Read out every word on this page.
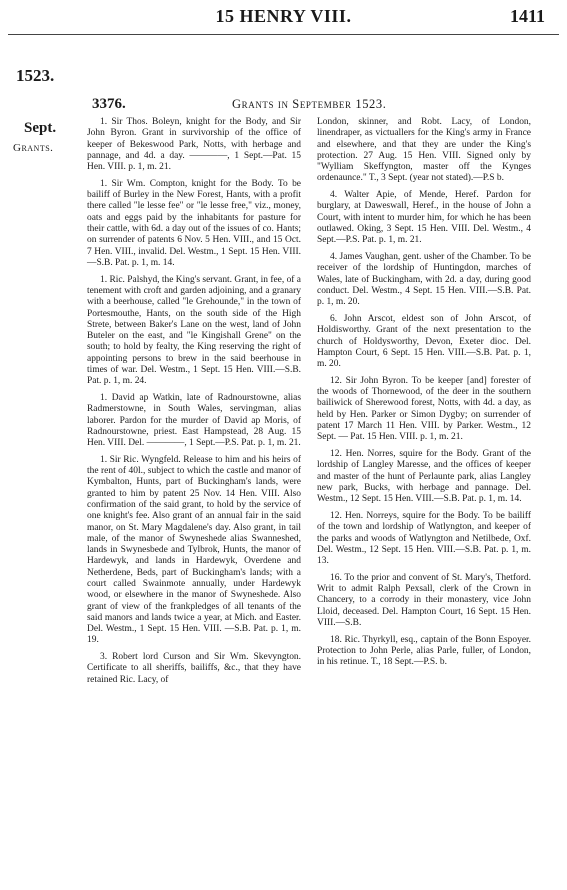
15 HENRY VIII.	1411
1523.
3376.	Grants in September 1523.
Sept.
Grants.

1. Sir Thos. Boleyn, knight for the Body, and Sir John Byron. Grant in survivorship of the office of keeper of Bekeswood Park, Notts, with herbage and pannage, and 4d. a day. ————, 1 Sept.—Pat. 15 Hen. VIII. p. 1, m. 21.

1. Sir Wm. Compton, knight for the Body. To be bailiff of Burley in the New Forest, Hants, with a profit there called "le lesse fee" or "le lesse free," viz., money, oats and eggs paid by the inhabitants for pasture for their cattle, with 6d. a day out of the issues of co. Hants; on surrender of patents 6 Nov. 5 Hen. VIII., and 15 Oct. 7 Hen. VIII., invalid. Del. Westm., 1 Sept. 15 Hen. VIII. —S.B. Pat. p. 1, m. 14.

1. Ric. Palshyd, the King's servant. Grant, in fee, of a tenement with croft and garden adjoining, and a granary with a beerhouse, called "le Grehounde," in the town of Portesmouthe, Hants, on the south side of the High Strete, between Baker's Lane on the west, land of John Buteler on the east, and "le Kingishall Grene" on the south; to hold by fealty, the King reserving the right of appointing persons to brew in the said beerhouse in times of war. Del. Westm., 1 Sept. 15 Hen. VIII.—S.B. Pat. p. 1, m. 24.

1. David ap Watkin, late of Radnourstowne, alias Radmerstowne, in South Wales, servingman, alias laborer. Pardon for the murder of David ap Moris, of Radnourstowne, priest. East Hampstead, 28 Aug. 15 Hen. VIII. Del. ————, 1 Sept.—P.S. Pat. p. 1, m. 21.

1. Sir Ric. Wyngfeld. Release to him and his heirs of the rent of 40l., subject to which the castle and manor of Kymbalton, Hunts, part of Buckingham's lands, were granted to him by patent 25 Nov. 14 Hen. VIII. Also confirmation of the said grant, to hold by the service of one knight's fee. Also grant of an annual fair in the said manor, on St. Mary Magdalene's day. Also grant, in tail male, of the manor of Swyneshede alias Swanneshed, lands in Swynesbede and Tylbrok, Hunts, the manor of Hardewyk, and lands in Hardewyk, Overdene and Netherdene, Beds, part of Buckingham's lands; with a court called Swainmote annually, under Hardewyk wood, or elsewhere in the manor of Swyneshede. Also grant of view of the frankpledges of all tenants of the said manors and lands twice a year, at Mich. and Easter. Del. Westm., 1 Sept. 15 Hen. VIII. —S.B. Pat. p. 1, m. 19.

3. Robert lord Curson and Sir Wm. Skevyngton. Certificate to all sheriffs, bailiffs, &c., that they have retained Ric. Lacy, of

London, skinner, and Robt. Lacy, of London, linendraper, as victuallers for the King's army in France and elsewhere, and that they are under the King's protection. 27 Aug. 15 Hen. VIII. Signed only by "Wylliam Skeffyngton, master off the Kynges ordenaunce." T., 3 Sept. (year not stated).—P.S b.

4. Walter Apie, of Mende, Heref. Pardon for burglary, at Daweswall, Heref., in the house of John a Court, with intent to murder him, for which he has been outlawed. Oking, 3 Sept. 15 Hen. VIII. Del. Westm., 4 Sept.—P.S. Pat. p. 1, m. 21.

4. James Vaughan, gent. usher of the Chamber. To be receiver of the lordship of Huntingdon, marches of Wales, late of Buckingham, with 2d. a day, during good conduct. Del. Westm., 4 Sept. 15 Hen. VIII.—S.B. Pat. p. 1, m. 20.

6. John Arscot, eldest son of John Arscot, of Holdisworthy. Grant of the next presentation to the church of Holdysworthy, Devon, Exeter dioc. Del. Hampton Court, 6 Sept. 15 Hen. VIII.—S.B. Pat. p. 1, m. 20.

12. Sir John Byron. To be keeper [and] forester of the woods of Thornewood, of the deer in the southern bailiwick of Sherewood forest, Notts, with 4d. a day, as held by Hen. Parker or Simon Dygby; on surrender of patent 17 March 11 Hen. VIII. by Parker. Westm., 12 Sept. — Pat. 15 Hen. VIII. p. 1, m. 21.

12. Hen. Norres, squire for the Body. Grant of the lordship of Langley Maresse, and the offices of keeper and master of the hunt of Perlaunte park, alias Langley new park, Bucks, with herbage and pannage. Del. Westm., 12 Sept. 15 Hen. VIII.—S.B. Pat. p. 1, m. 14.

12. Hen. Norreys, squire for the Body. To be bailiff of the town and lordship of Watlyngton, and keeper of the parks and woods of Watlyngton and Netilbede, Oxf. Del. Westm., 12 Sept. 15 Hen. VIII.—S.B. Pat. p. 1, m. 13.

16. To the prior and convent of St. Mary's, Thetford. Writ to admit Ralph Pexsall, clerk of the Crown in Chancery, to a corrody in their monastery, vice John Lloid, deceased. Del. Hampton Court, 16 Sept. 15 Hen. VIII.—S.B.

18. Ric. Thyrkyll, esq., captain of the Bonn Espoyer. Protection to John Perle, alias Parle, fuller, of London, in his retinue. T., 18 Sept.—P.S. b.
